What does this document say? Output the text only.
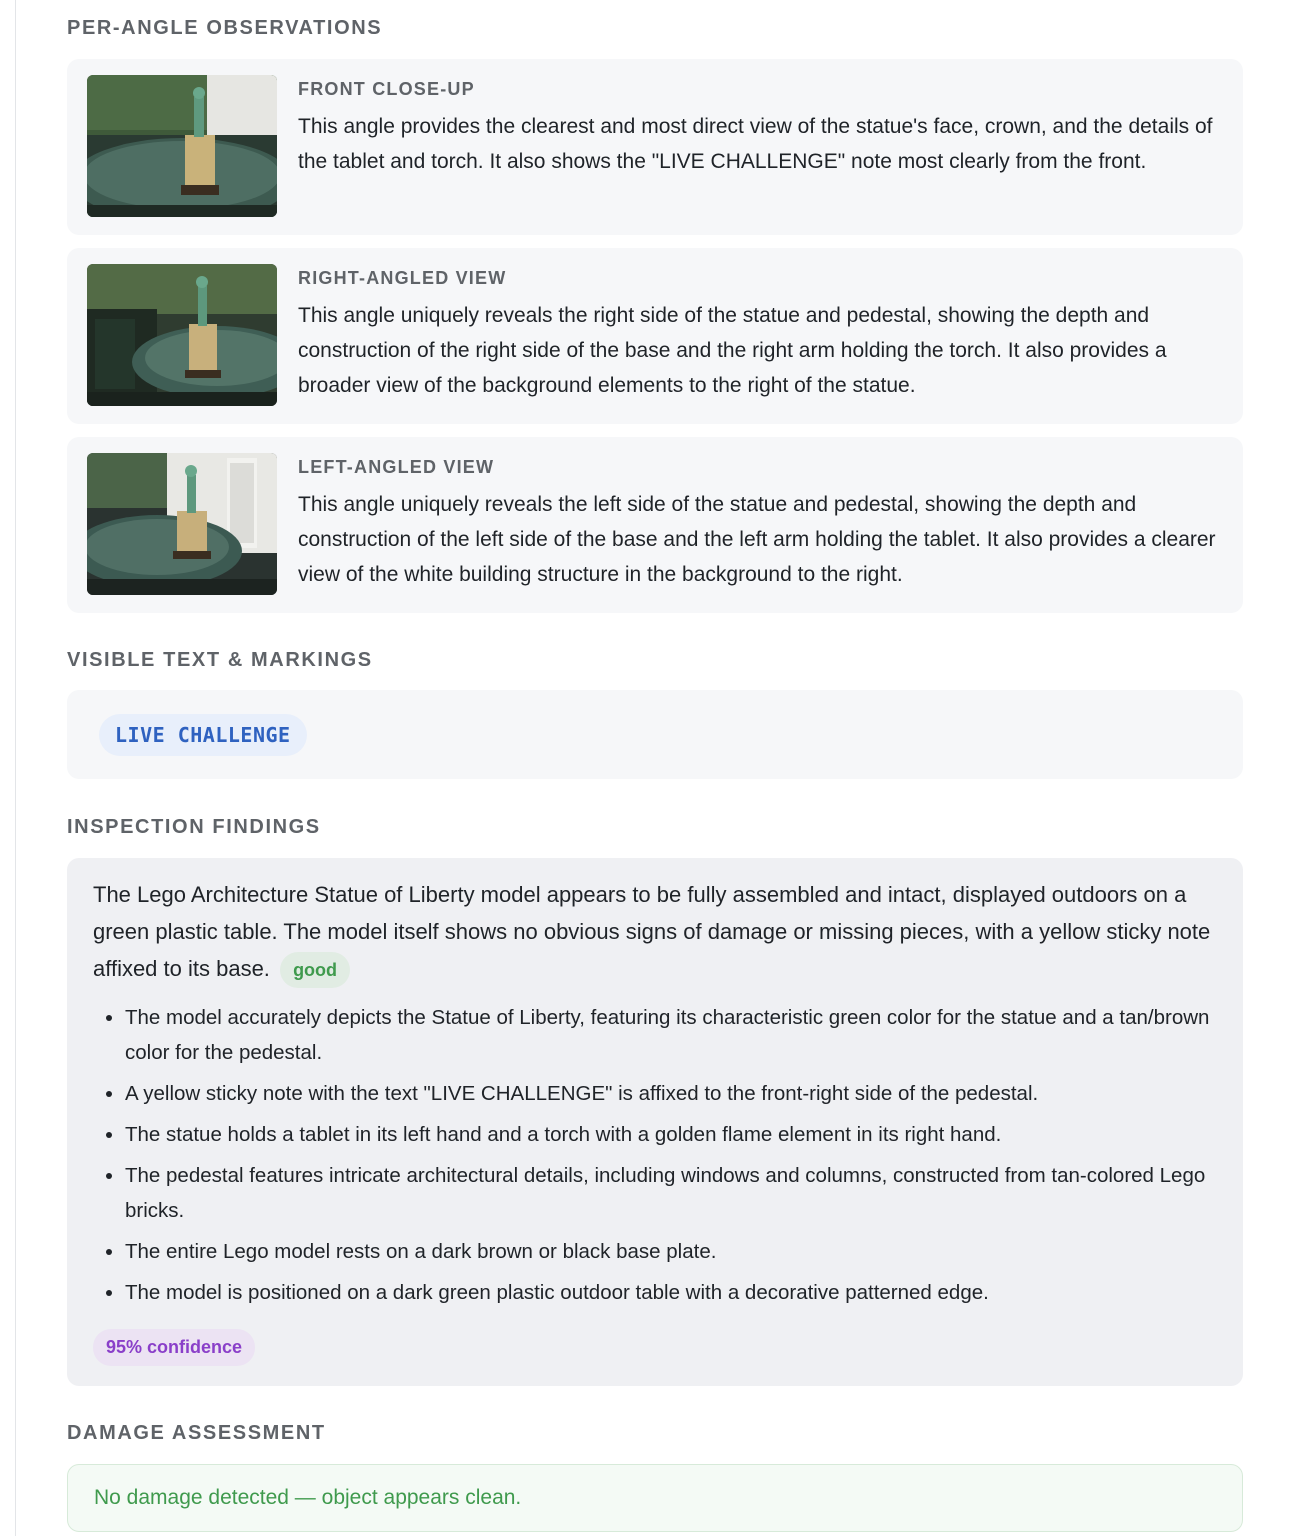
PER-ANGLE OBSERVATIONS
FRONT CLOSE-UP
This angle provides the clearest and most direct view of the statue's face, crown, and the details of the tablet and torch. It also shows the "LIVE CHALLENGE" note most clearly from the front.
RIGHT-ANGLED VIEW
This angle uniquely reveals the right side of the statue and pedestal, showing the depth and construction of the right side of the base and the right arm holding the torch. It also provides a broader view of the background elements to the right of the statue.
LEFT-ANGLED VIEW
This angle uniquely reveals the left side of the statue and pedestal, showing the depth and construction of the left side of the base and the left arm holding the tablet. It also provides a clearer view of the white building structure in the background to the right.
VISIBLE TEXT & MARKINGS
LIVE CHALLENGE
INSPECTION FINDINGS
The Lego Architecture Statue of Liberty model appears to be fully assembled and intact, displayed outdoors on a green plastic table. The model itself shows no obvious signs of damage or missing pieces, with a yellow sticky note affixed to its base. good
• The model accurately depicts the Statue of Liberty, featuring its characteristic green color for the statue and a tan/brown color for the pedestal.
• A yellow sticky note with the text "LIVE CHALLENGE" is affixed to the front-right side of the pedestal.
• The statue holds a tablet in its left hand and a torch with a golden flame element in its right hand.
• The pedestal features intricate architectural details, including windows and columns, constructed from tan-colored Lego bricks.
• The entire Lego model rests on a dark brown or black base plate.
• The model is positioned on a dark green plastic outdoor table with a decorative patterned edge.
95% confidence
DAMAGE ASSESSMENT
No damage detected — object appears clean.
